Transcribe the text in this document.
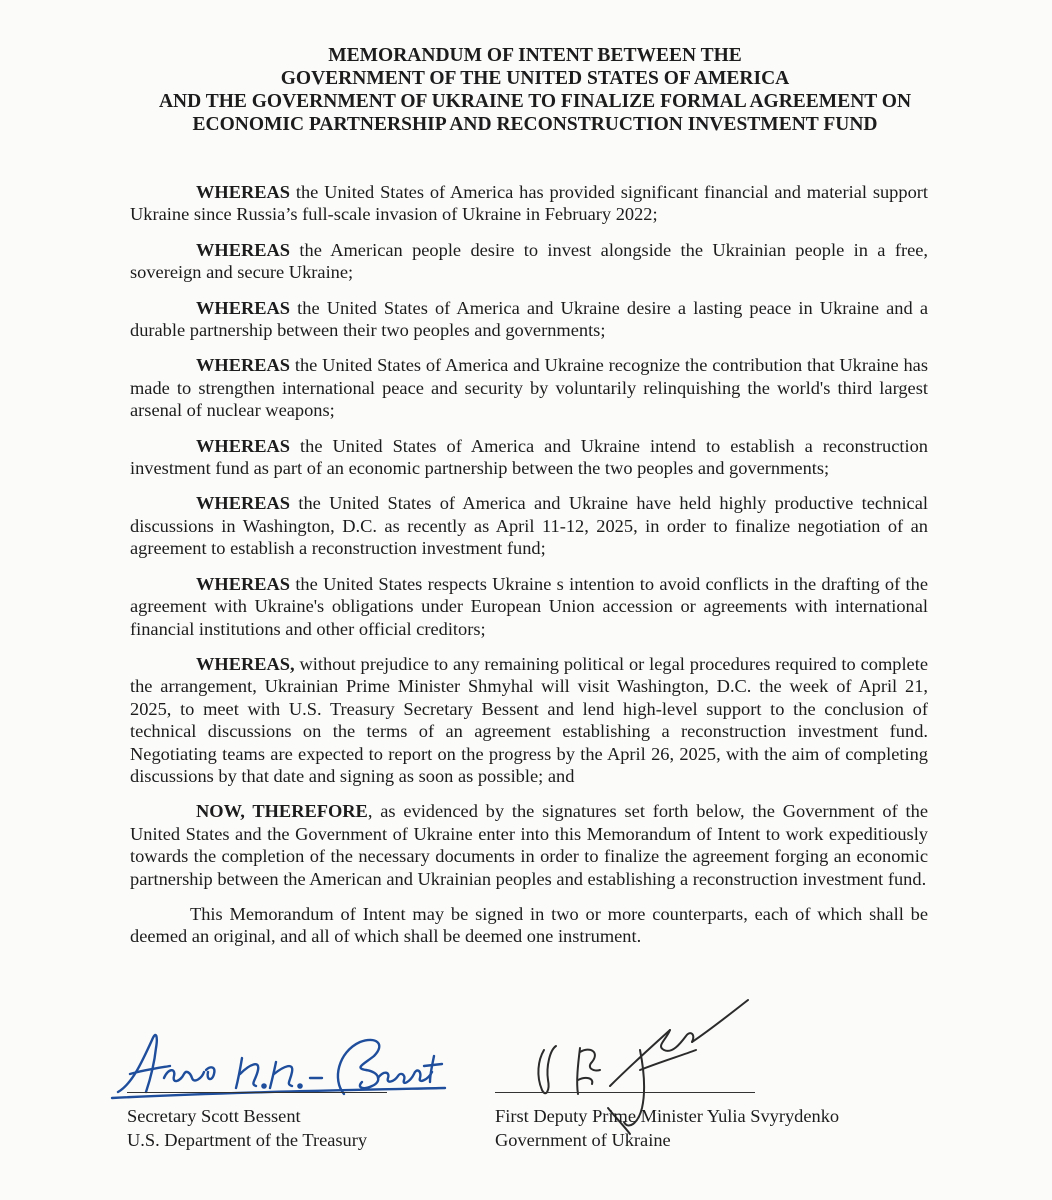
MEMORANDUM OF INTENT BETWEEN THE
GOVERNMENT OF THE UNITED STATES OF AMERICA
AND THE GOVERNMENT OF UKRAINE TO FINALIZE FORMAL AGREEMENT ON
ECONOMIC PARTNERSHIP AND RECONSTRUCTION INVESTMENT FUND

WHEREAS the United States of America has provided significant financial and material support Ukraine since Russia’s full-scale invasion of Ukraine in February 2022;

WHEREAS the American people desire to invest alongside the Ukrainian people in a free, sovereign and secure Ukraine;

WHEREAS the United States of America and Ukraine desire a lasting peace in Ukraine and a durable partnership between their two peoples and governments;

WHEREAS the United States of America and Ukraine recognize the contribution that Ukraine has made to strengthen international peace and security by voluntarily relinquishing the world's third largest arsenal of nuclear weapons;

WHEREAS the United States of America and Ukraine intend to establish a reconstruction investment fund as part of an economic partnership between the two peoples and governments;

WHEREAS the United States of America and Ukraine have held highly productive technical discussions in Washington, D.C. as recently as April 11-12, 2025, in order to finalize negotiation of an agreement to establish a reconstruction investment fund;

WHEREAS the United States respects Ukraine s intention to avoid conflicts in the drafting of the agreement with Ukraine's obligations under European Union accession or agreements with international financial institutions and other official creditors;

WHEREAS, without prejudice to any remaining political or legal procedures required to complete the arrangement, Ukrainian Prime Minister Shmyhal will visit Washington, D.C. the week of April 21, 2025, to meet with U.S. Treasury Secretary Bessent and lend high-level support to the conclusion of technical discussions on the terms of an agreement establishing a reconstruction investment fund. Negotiating teams are expected to report on the progress by the April 26, 2025, with the aim of completing discussions by that date and signing as soon as possible; and

NOW, THEREFORE, as evidenced by the signatures set forth below, the Government of the United States and the Government of Ukraine enter into this Memorandum of Intent to work expeditiously towards the completion of the necessary documents in order to finalize the agreement forging an economic partnership between the American and Ukrainian peoples and establishing a reconstruction investment fund.

This Memorandum of Intent may be signed in two or more counterparts, each of which shall be deemed an original, and all of which shall be deemed one instrument.

Secretary Scott Bessent
U.S. Department of the Treasury
First Deputy Prime Minister Yulia Svyrydenko
Government of Ukraine
